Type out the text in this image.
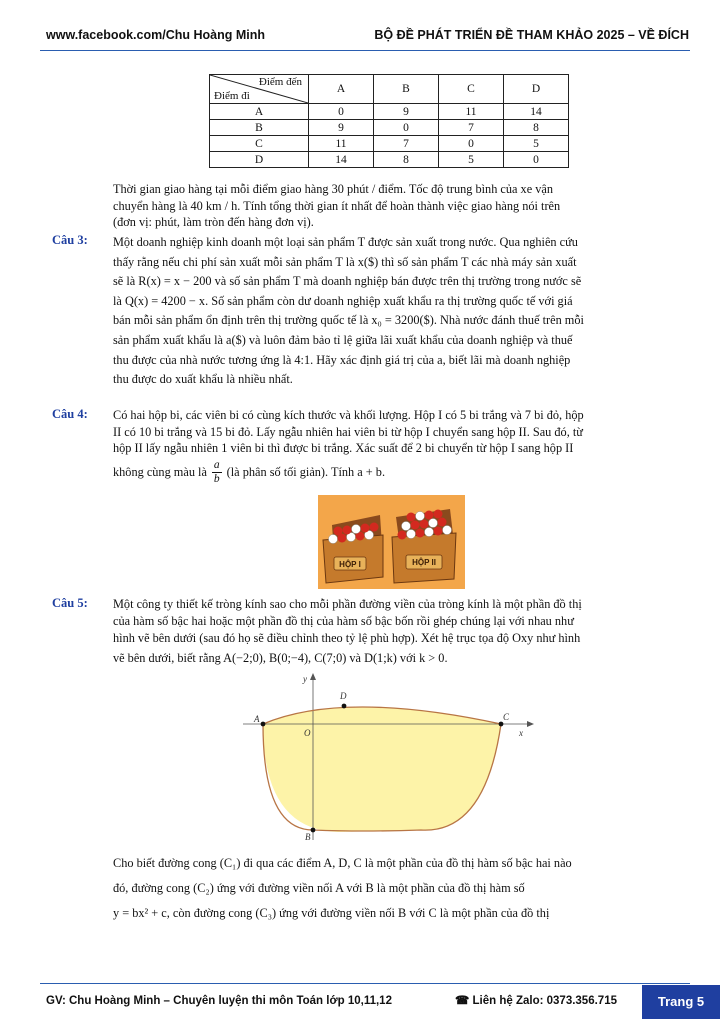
www.facebook.com/Chu Hoàng Minh	BỘ ĐỀ PHÁT TRIỂN ĐỀ THAM KHẢO 2025 – VỀ ĐÍCH
Điểm đến
Điểm đi	A	B	C	D
A	0	9	11	14
B	9	0	7	8
C	11	7	0	5
D	14	8	5	0
Thời gian giao hàng tại mỗi điểm giao hàng 30 phút / điểm. Tốc độ trung bình của xe vận
chuyển hàng là 40 km / h. Tính tổng thời gian ít nhất để hoàn thành việc giao hàng nói trên
(đơn vị: phút, làm tròn đến hàng đơn vị).
Câu 3: Một doanh nghiệp kinh doanh một loại sản phẩm T được sản xuất trong nước. Qua nghiên cứu
thấy rằng nếu chi phí sản xuất mỗi sản phẩm T là x($) thì số sản phẩm T các nhà máy sản xuất
sẽ là R(x) = x − 200 và số sản phẩm T mà doanh nghiệp bán được trên thị trường trong nước sẽ
là Q(x) = 4200 − x. Số sản phẩm còn dư doanh nghiệp xuất khẩu ra thị trường quốc tế với giá
bán mỗi sản phẩm ổn định trên thị trường quốc tế là x₀ = 3200($). Nhà nước đánh thuế trên mỗi
sản phẩm xuất khẩu là a($) và luôn đảm bảo tỉ lệ giữa lãi xuất khẩu của doanh nghiệp và thuế
thu được của nhà nước tương ứng là 4:1. Hãy xác định giá trị của a, biết lãi mà doanh nghiệp
thu được do xuất khẩu là nhiều nhất.
Câu 4: Có hai hộp bi, các viên bi có cùng kích thước và khối lượng. Hộp I có 5 bi trắng và 7 bi đỏ, hộp
II có 10 bi trắng và 15 bi đỏ. Lấy ngẫu nhiên hai viên bi từ hộp I chuyển sang hộp II. Sau đó, từ
hộp II lấy ngẫu nhiên 1 viên bi thì được bi trắng. Xác suất để 2 bi chuyển từ hộp I sang hộp II
không cùng màu là $\frac{a}{b}$ (là phân số tối giản). Tính a + b.
HỘP I	HỘP II
Câu 5: Một công ty thiết kế tròng kính sao cho mỗi phần đường viền của tròng kính là một phần đồ thị
của hàm số bậc hai hoặc một phần đồ thị của hàm số bậc bốn rồi ghép chúng lại với nhau như
hình vẽ bên dưới (sau đó họ sẽ điều chỉnh theo tỷ lệ phù hợp). Xét hệ trục tọa độ Oxy như hình
vẽ bên dưới, biết rằng A(−2;0), B(0;−4), C(7;0) và D(1;k) với k > 0.
y
x
O
A
B
C
D
Cho biết đường cong (C₁) đi qua các điểm A, D, C là một phần của đồ thị hàm số bậc hai nào
đó, đường cong (C₂) ứng với đường viền nối A với B là một phần của đồ thị hàm số
y = bx² + c, còn đường cong (C₃) ứng với đường viền nối B với C là một phần của đồ thị
GV: Chu Hoàng Minh – Chuyên luyện thi môn Toán lớp 10,11,12	☎ Liên hệ Zalo: 0373.356.715	Trang 5
